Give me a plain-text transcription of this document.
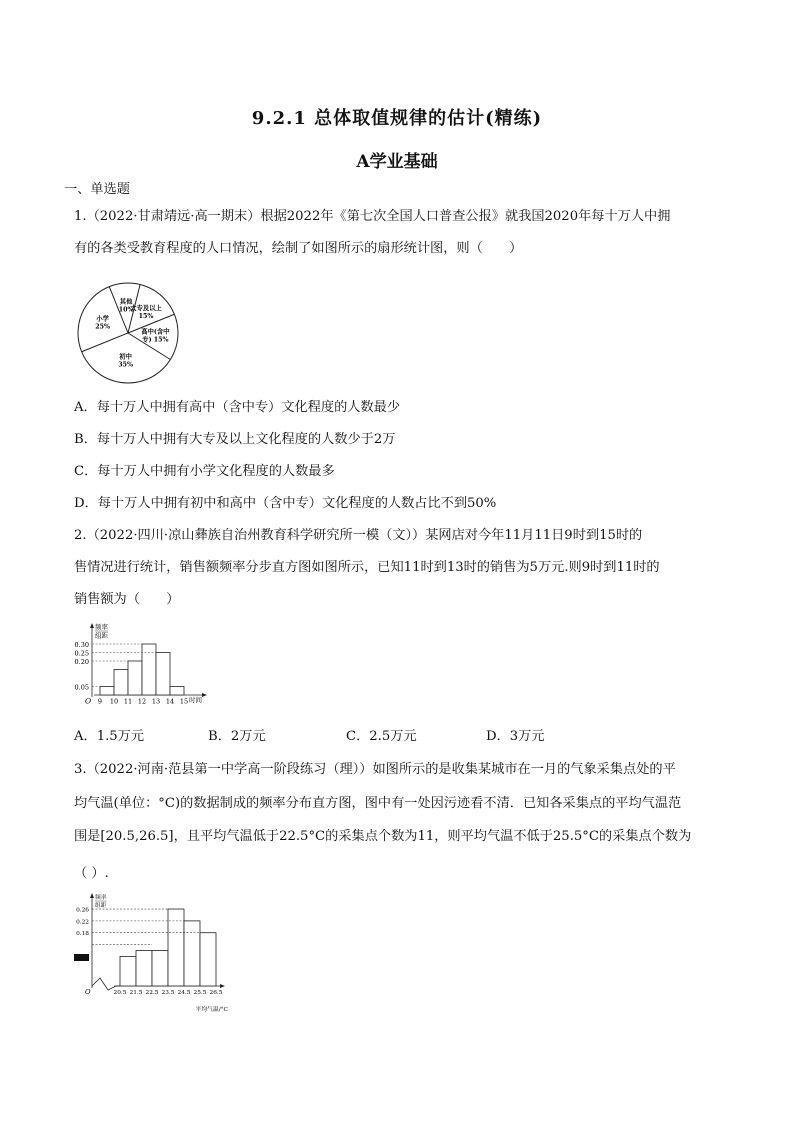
9.2.1 总体取值规律的估计(精练)
A学业基础
一、单选题
1.（2022·甘肃靖远·高一期末）根据2022年《第七次全国人口普查公报》就我国2020年每十万人中拥
有的各类受教育程度的人口情况，绘制了如图所示的扇形统计图，则（　　）
大专及以上
15%
高中(含中
专) 15%
初中
35%
小学
25%
其他
10%
A．每十万人中拥有高中（含中专）文化程度的人数最少
B．每十万人中拥有大专及以上文化程度的人数少于2万
C．每十万人中拥有小学文化程度的人数最多
D．每十万人中拥有初中和高中（含中专）文化程度的人数占比不到50%
2.（2022·四川·凉山彝族自治州教育科学研究所一模（文））某网店对今年11月11日9时到15时的
售情况进行统计，销售额频率分步直方图如图所示，已知11时到13时的销售为5万元.则9时到11时的
销售额为（　　）
频率
组距
O
0.05
0.20
0.25
0.30
9 10 11 12 13 14 15 时间
A．1.5万元	B．2万元	C．2.5万元	D．3万元
3.（2022·河南·范县第一中学高一阶段练习（理））如图所示的是收集某城市在一月的气象采集点处的平
均气温(单位：°C)的数据制成的频率分布直方图，图中有一处因污迹看不清．已知各采集点的平均气温范
围是[20.5,26.5]，且平均气温低于22.5°C的采集点个数为11，则平均气温不低于25.5°C的采集点个数为
（ ）.
频率
组距
O
0.26
0.22
0.18
20.5 21.5 22.5 23.5 24.5 25.5 26.5
平均气温/°C
